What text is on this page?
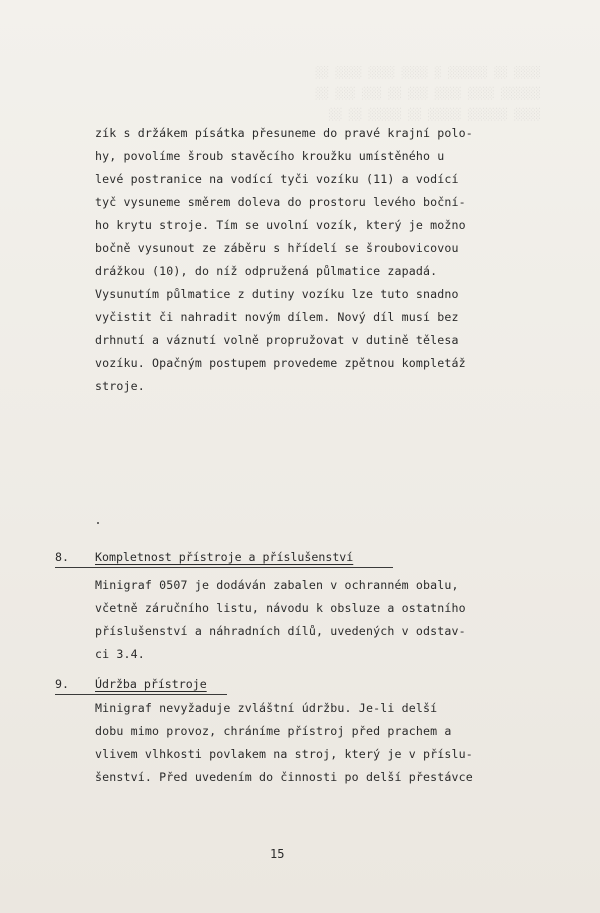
░░░░ ░░ ░░░░░░ ░ ░░░░ ░░░░ ░░░░ ░░
░░░░░░ ░░░░ ░░░░ ░░░ ░░ ░░░ ░░░ ░░
░░░░ ░░░░░░ ░░░░░ ░░ ░░░░░ ░░ ░░
zík s držákem písátka přesuneme do pravé krajní polo-
hy, povolíme šroub stavěcího kroužku umístěného u
levé postranice na vodící tyči vozíku (11) a vodící
tyč vysuneme směrem doleva do prostoru levého boční-
ho krytu stroje. Tím se uvolní vozík, který je možno
bočně vysunout ze záběru s hřídelí se šroubovicovou
drážkou (10), do níž odpružená půlmatice zapadá.
Vysunutím půlmatice z dutiny vozíku lze tuto snadno
vyčistit či nahradit novým dílem. Nový díl musí bez
drhnutí a váznutí volně propružovat v dutině tělesa
vozíku. Opačným postupem provedeme zpětnou kompletáž
stroje.
8. Kompletnost přístroje a příslušenství
Minigraf 0507 je dodáván zabalen v ochranném obalu,
včetně záručního listu, návodu k obsluze a ostatního
příslušenství a náhradních dílů, uvedených v odstav-
ci 3.4.
9. Údržba přístroje
Minigraf nevyžaduje zvláštní údržbu. Je-li delší
dobu mimo provoz, chráníme přístroj před prachem a
vlivem vlhkosti povlakem na stroj, který je v příslu-
šenství. Před uvedením do činnosti po delší přestávce
15
